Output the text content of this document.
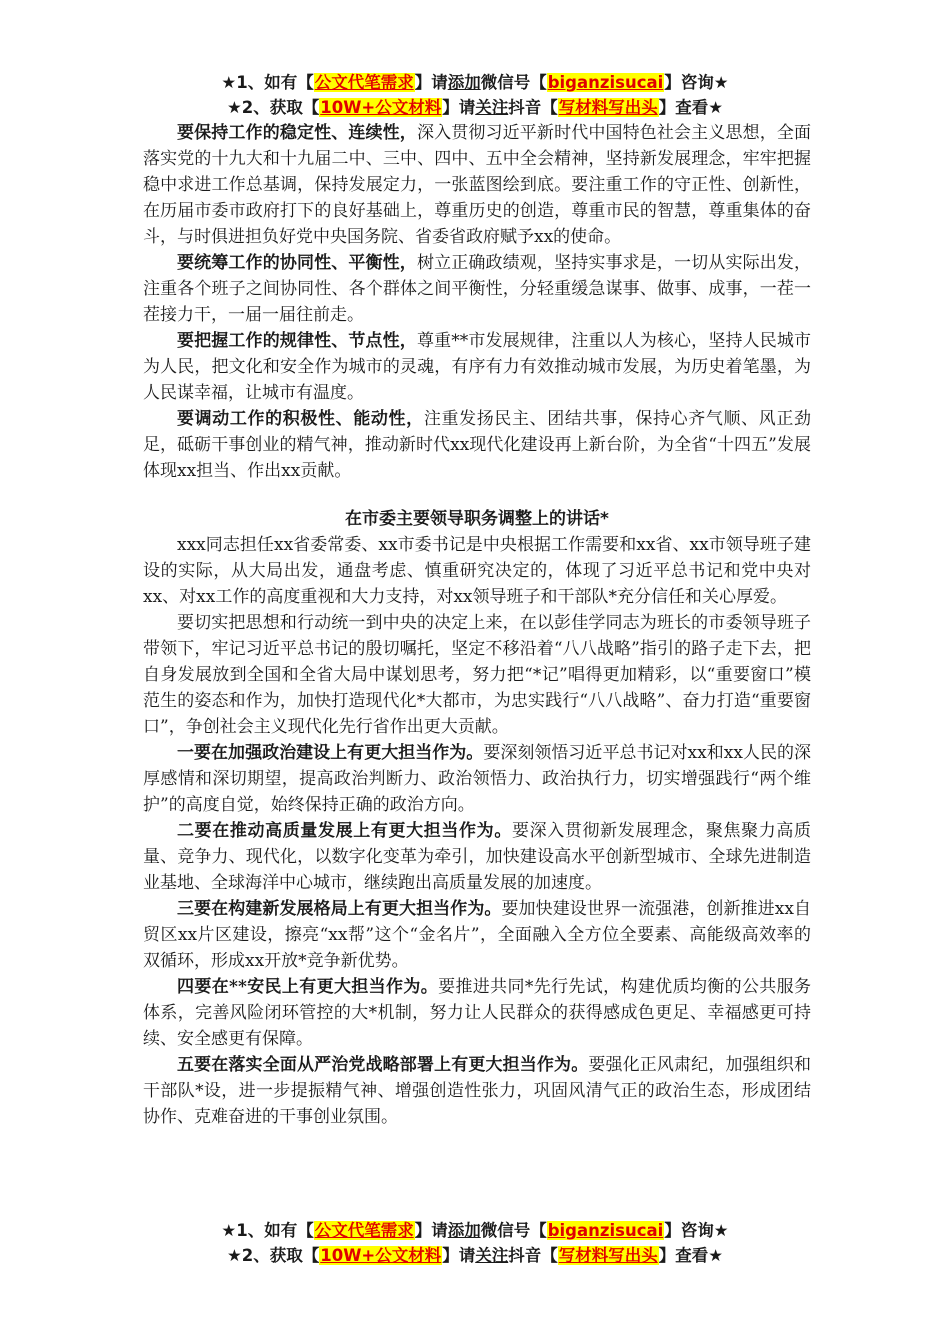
★1、如有【公文代笔需求】请添加微信号【biganzisucai】咨询★
★2、获取【10W+公文材料】请关注抖音【写材料写出头】查看★

要保持工作的稳定性、连续性，深入贯彻习近平新时代中国特色社会主义思想，全面落实党的十九大和十九届二中、三中、四中、五中全会精神，坚持新发展理念，牢牢把握稳中求进工作总基调，保持发展定力，一张蓝图绘到底。要注重工作的守正性、创新性，在历届市委市政府打下的良好基础上，尊重历史的创造，尊重市民的智慧，尊重集体的奋斗，与时俱进担负好党中央国务院、省委省政府赋予xx的使命。

要统筹工作的协同性、平衡性，树立正确政绩观，坚持实事求是，一切从实际出发，注重各个班子之间协同性、各个群体之间平衡性，分轻重缓急谋事、做事、成事，一茬一茬接力干，一届一届往前走。

要把握工作的规律性、节点性，尊重**市发展规律，注重以人为核心，坚持人民城市为人民，把文化和安全作为城市的灵魂，有序有力有效推动城市发展，为历史着笔墨，为人民谋幸福，让城市有温度。

要调动工作的积极性、能动性，注重发扬民主、团结共事，保持心齐气顺、风正劲足，砥砺干事创业的精气神，推动新时代xx现代化建设再上新台阶，为全省“十四五”发展体现xx担当、作出xx贡献。

在市委主要领导职务调整上的讲话*

xxx同志担任xx省委常委、xx市委书记是中央根据工作需要和xx省、xx市领导班子建设的实际，从大局出发，通盘考虑、慎重研究决定的，体现了习近平总书记和党中央对xx、对xx工作的高度重视和大力支持，对xx领导班子和干部队*充分信任和关心厚爱。

要切实把思想和行动统一到中央的决定上来，在以彭佳学同志为班长的市委领导班子带领下，牢记习近平总书记的殷切嘱托，坚定不移沿着“八八战略”指引的路子走下去，把自身发展放到全国和全省大局中谋划思考，努力把“*记”唱得更加精彩，以“重要窗口”模范生的姿态和作为，加快打造现代化*大都市，为忠实践行“八八战略”、奋力打造“重要窗口”，争创社会主义现代化先行省作出更大贡献。

一要在加强政治建设上有更大担当作为。要深刻领悟习近平总书记对xx和xx人民的深厚感情和深切期望，提高政治判断力、政治领悟力、政治执行力，切实增强践行“两个维护”的高度自觉，始终保持正确的政治方向。

二要在推动高质量发展上有更大担当作为。要深入贯彻新发展理念，聚焦聚力高质量、竞争力、现代化，以数字化变革为牵引，加快建设高水平创新型城市、全球先进制造业基地、全球海洋中心城市，继续跑出高质量发展的加速度。

三要在构建新发展格局上有更大担当作为。要加快建设世界一流强港，创新推进xx自贸区xx片区建设，擦亮“xx帮”这个“金名片”，全面融入全方位全要素、高能级高效率的双循环，形成xx开放*竞争新优势。

四要在**安民上有更大担当作为。要推进共同*先行先试，构建优质均衡的公共服务体系，完善风险闭环管控的大*机制，努力让人民群众的获得感成色更足、幸福感更可持续、安全感更有保障。

五要在落实全面从严治党战略部署上有更大担当作为。要强化正风肃纪，加强组织和干部队*设，进一步提振精气神、增强创造性张力，巩固风清气正的政治生态，形成团结协作、克难奋进的干事创业氛围。

★1、如有【公文代笔需求】请添加微信号【biganzisucai】咨询★
★2、获取【10W+公文材料】请关注抖音【写材料写出头】查看★
